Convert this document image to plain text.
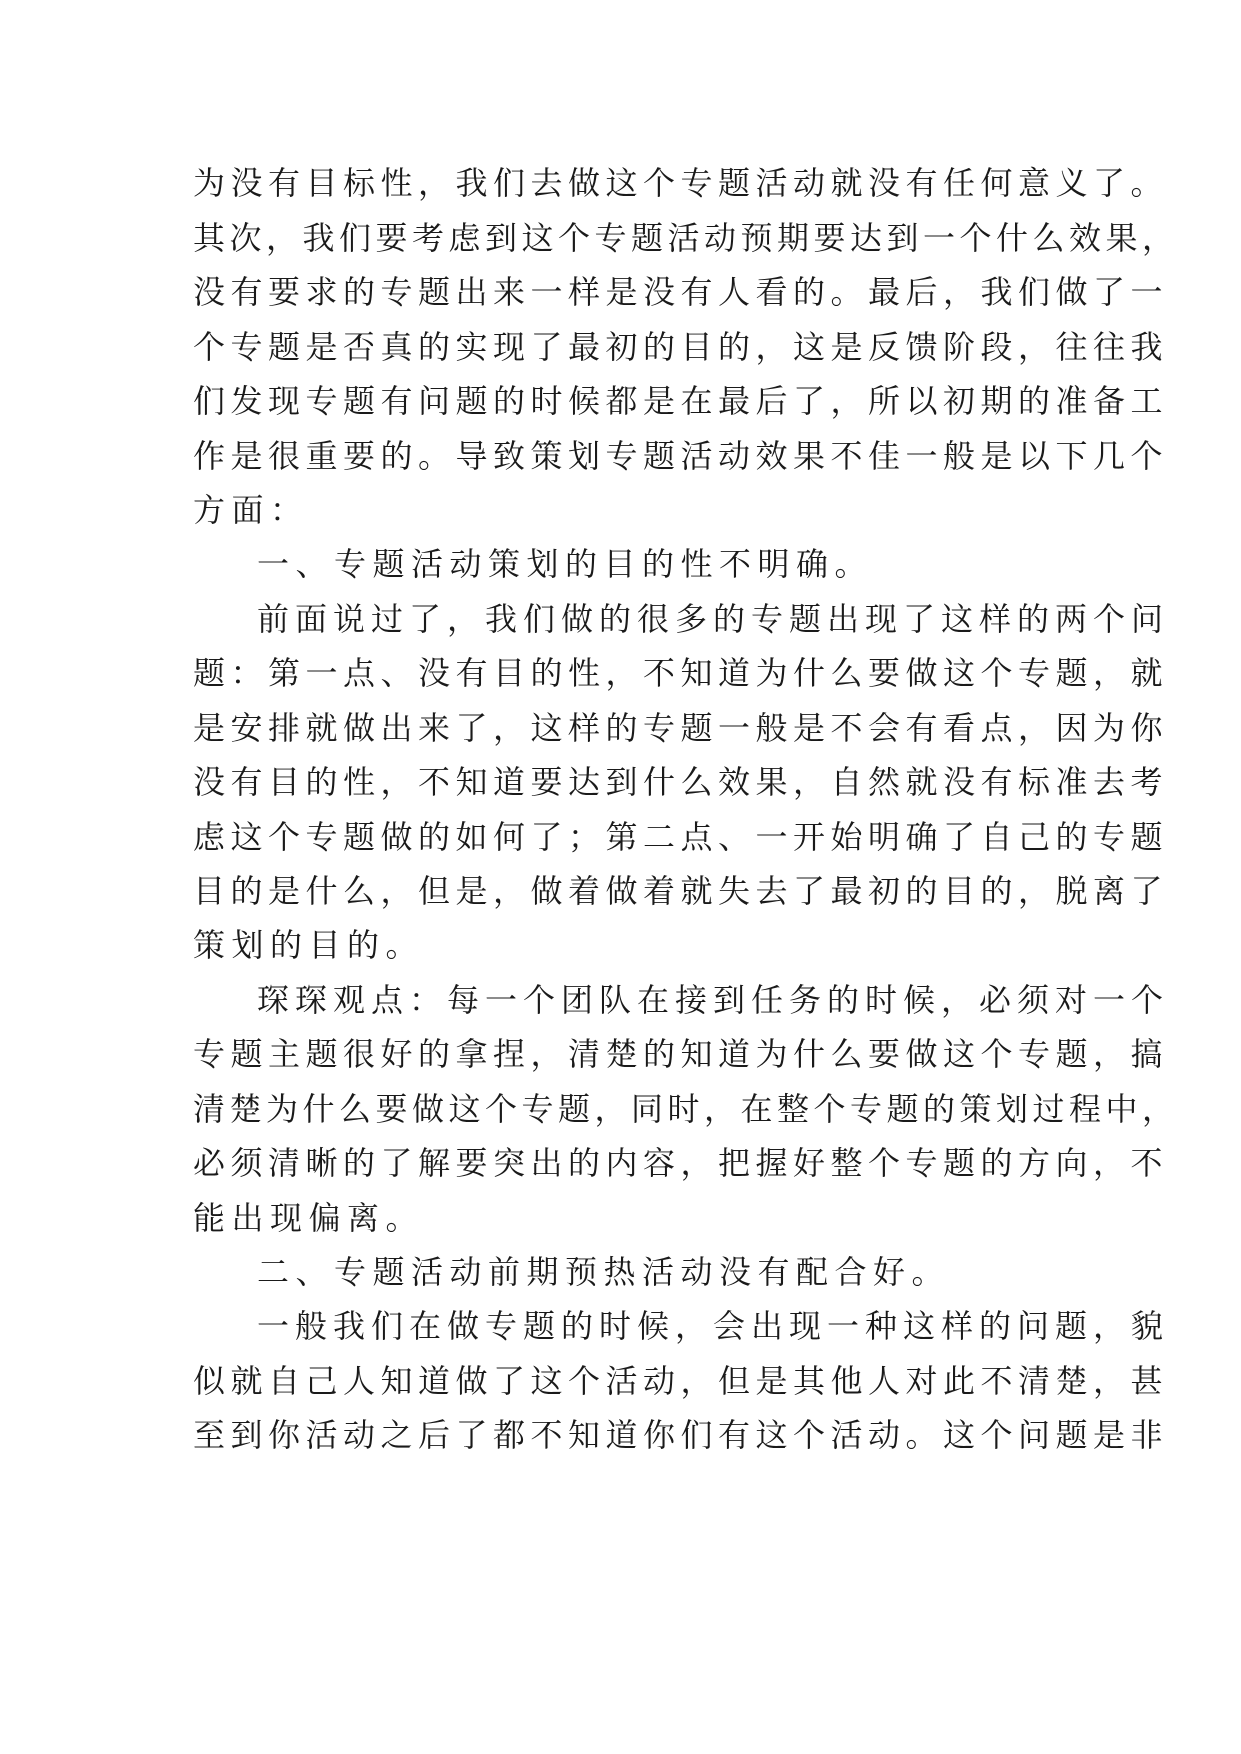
为没有目标性，我们去做这个专题活动就没有任何意义了。
其次，我们要考虑到这个专题活动预期要达到一个什么效果，
没有要求的专题出来一样是没有人看的。最后，我们做了一
个专题是否真的实现了最初的目的，这是反馈阶段，往往我
们发现专题有问题的时候都是在最后了，所以初期的准备工
作是很重要的。导致策划专题活动效果不佳一般是以下几个
方面：
一、专题活动策划的目的性不明确。
前面说过了，我们做的很多的专题出现了这样的两个问
题：第一点、没有目的性，不知道为什么要做这个专题，就
是安排就做出来了，这样的专题一般是不会有看点，因为你
没有目的性，不知道要达到什么效果，自然就没有标准去考
虑这个专题做的如何了；第二点、一开始明确了自己的专题
目的是什么，但是，做着做着就失去了最初的目的，脱离了
策划的目的。
琛琛观点：每一个团队在接到任务的时候，必须对一个
专题主题很好的拿捏，清楚的知道为什么要做这个专题，搞
清楚为什么要做这个专题，同时，在整个专题的策划过程中，
必须清晰的了解要突出的内容，把握好整个专题的方向，不
能出现偏离。
二、专题活动前期预热活动没有配合好。
一般我们在做专题的时候，会出现一种这样的问题，貌
似就自己人知道做了这个活动，但是其他人对此不清楚，甚
至到你活动之后了都不知道你们有这个活动。这个问题是非
